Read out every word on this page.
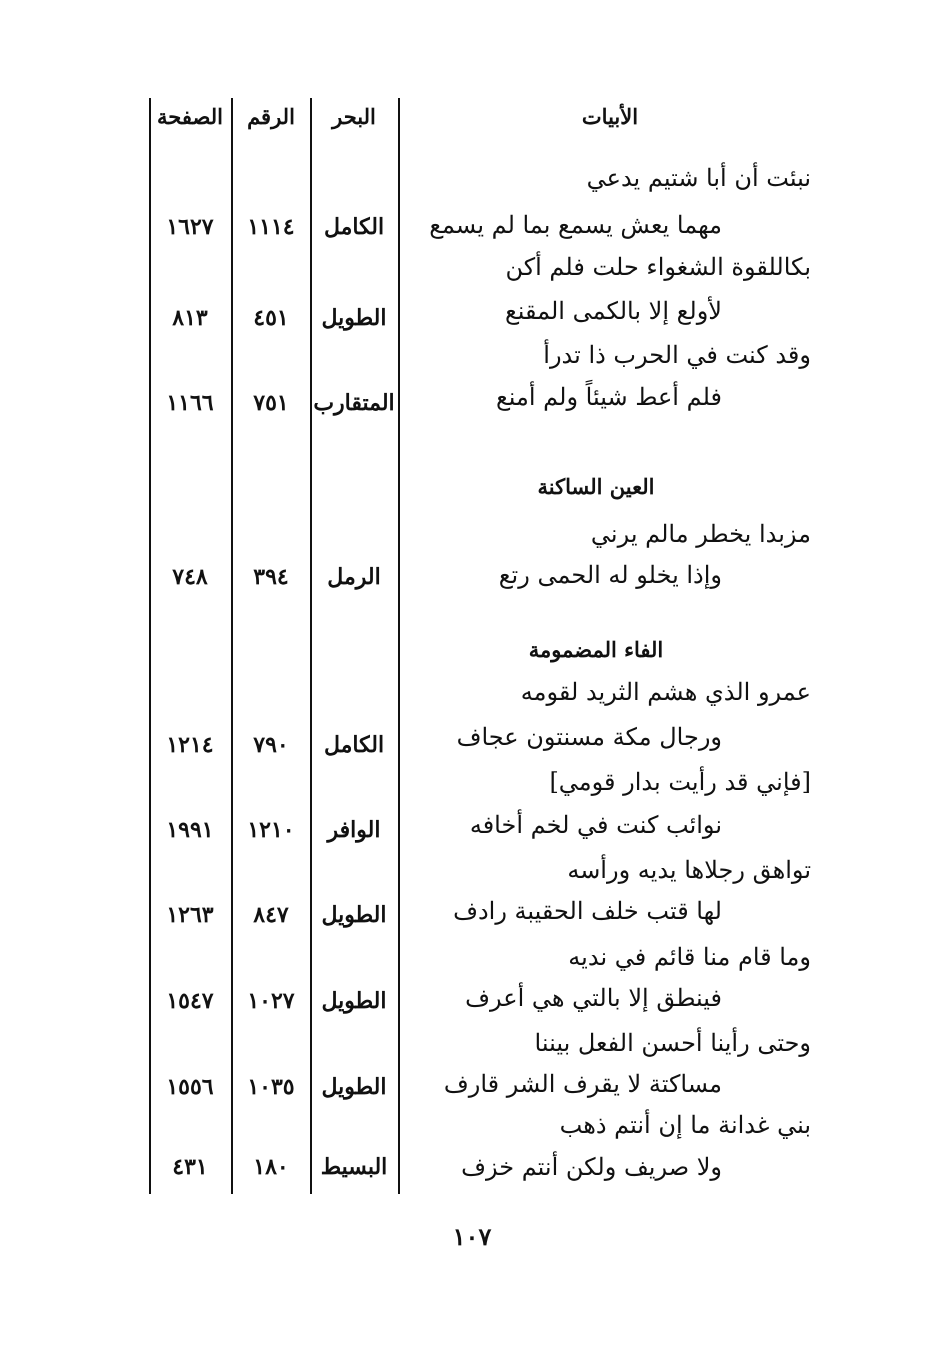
الأبيات
البحر
الرقم
الصفحة
نبئت أن أبا شتيم يدعي
مهما يعش يسمع بما لم يسمع
الكامل
١١١٤
١٦٢٧
بكاللقوة الشغواء حلت فلم أكن
لأولع إلا بالكمى المقنع
الطويل
٤٥١
٨١٣
وقد كنت في الحرب ذا تدرأ
فلم أعط شيئاً ولم أمنع
المتقارب
٧٥١
١١٦٦
العين الساكنة
مزبدا يخطر مالم يرني
وإذا يخلو له الحمى رتع
الرمل
٣٩٤
٧٤٨
الفاء المضمومة
عمرو الذي هشم الثريد لقومه
ورجال مكة مسنتون عجاف
الكامل
٧٩٠
١٢١٤
[فإني قد رأيت بدار قومي]
نوائب كنت في لخم أخافه
الوافر
١٢١٠
١٩٩١
تواهق رجلاها يديه ورأسه
لها قتب خلف الحقيبة رادف
الطويل
٨٤٧
١٢٦٣
وما قام منا قائم في نديه
فينطق إلا بالتي هي أعرف
الطويل
١٠٢٧
١٥٤٧
وحتى رأينا أحسن الفعل بيننا
مساكتة لا يقرف الشر قارف
الطويل
١٠٣٥
١٥٥٦
بني غدانة ما إن أنتم ذهب
ولا صريف ولكن أنتم خزف
البسيط
١٨٠
٤٣١
١٠٧
